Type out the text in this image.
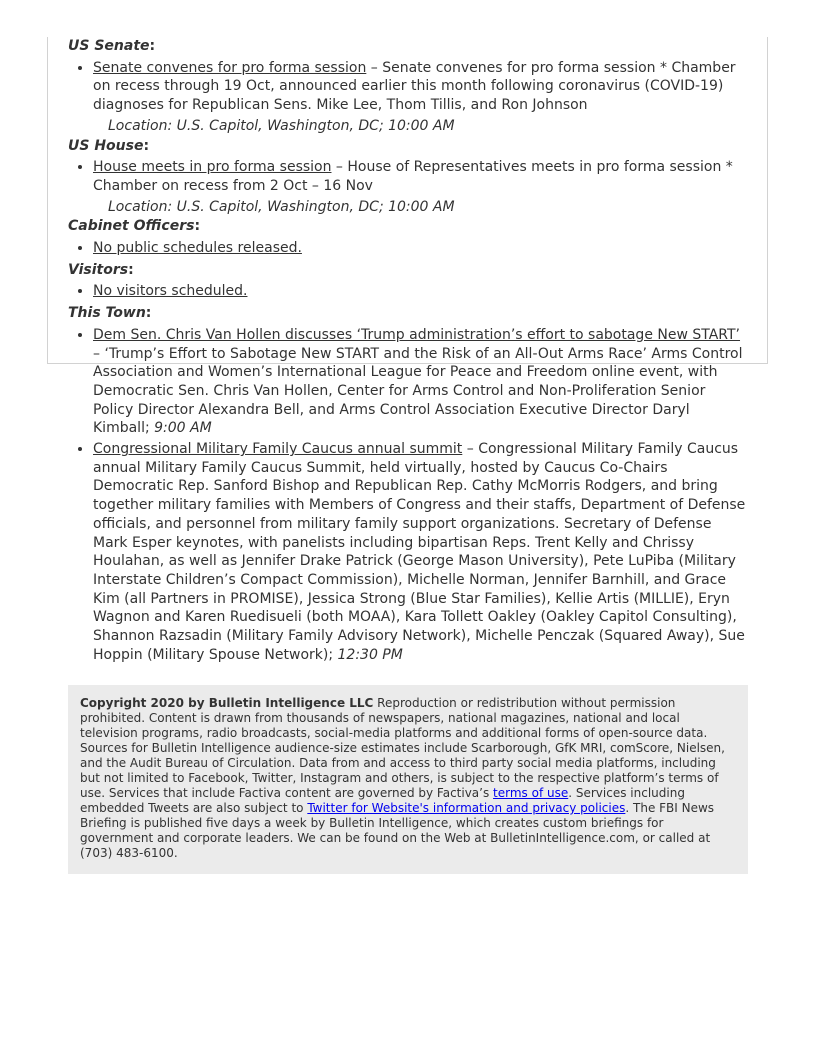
US Senate:
• Senate convenes for pro forma session – Senate convenes for pro forma session * Chamber on recess through 19 Oct, announced earlier this month following coronavirus (COVID-19) diagnoses for Republican Sens. Mike Lee, Thom Tillis, and Ron Johnson
Location: U.S. Capitol, Washington, DC; 10:00 AM
US House:
• House meets in pro forma session – House of Representatives meets in pro forma session * Chamber on recess from 2 Oct – 16 Nov
Location: U.S. Capitol, Washington, DC; 10:00 AM
Cabinet Officers:
• No public schedules released.
Visitors:
• No visitors scheduled.
This Town:
• Dem Sen. Chris Van Hollen discusses ‘Trump administration’s effort to sabotage New START’ – ‘Trump’s Effort to Sabotage New START and the Risk of an All-Out Arms Race’ Arms Control Association and Women’s International League for Peace and Freedom online event, with Democratic Sen. Chris Van Hollen, Center for Arms Control and Non-Proliferation Senior Policy Director Alexandra Bell, and Arms Control Association Executive Director Daryl Kimball; 9:00 AM
• Congressional Military Family Caucus annual summit – Congressional Military Family Caucus annual Military Family Caucus Summit, held virtually, hosted by Caucus Co-Chairs Democratic Rep. Sanford Bishop and Republican Rep. Cathy McMorris Rodgers, and bring together military families with Members of Congress and their staffs, Department of Defense officials, and personnel from military family support organizations. Secretary of Defense Mark Esper keynotes, with panelists including bipartisan Reps. Trent Kelly and Chrissy Houlahan, as well as Jennifer Drake Patrick (George Mason University), Pete LuPiba (Military Interstate Children’s Compact Commission), Michelle Norman, Jennifer Barnhill, and Grace Kim (all Partners in PROMISE), Jessica Strong (Blue Star Families), Kellie Artis (MILLIE), Eryn Wagnon and Karen Ruedisueli (both MOAA), Kara Tollett Oakley (Oakley Capitol Consulting), Shannon Razsadin (Military Family Advisory Network), Michelle Penczak (Squared Away), Sue Hoppin (Military Spouse Network); 12:30 PM
Copyright 2020 by Bulletin Intelligence LLC Reproduction or redistribution without permission prohibited. Content is drawn from thousands of newspapers, national magazines, national and local television programs, radio broadcasts, social-media platforms and additional forms of open-source data. Sources for Bulletin Intelligence audience-size estimates include Scarborough, GfK MRI, comScore, Nielsen, and the Audit Bureau of Circulation. Data from and access to third party social media platforms, including but not limited to Facebook, Twitter, Instagram and others, is subject to the respective platform’s terms of use. Services that include Factiva content are governed by Factiva’s terms of use. Services including embedded Tweets are also subject to Twitter for Website's information and privacy policies. The FBI News Briefing is published five days a week by Bulletin Intelligence, which creates custom briefings for government and corporate leaders. We can be found on the Web at BulletinIntelligence.com, or called at (703) 483-6100.
